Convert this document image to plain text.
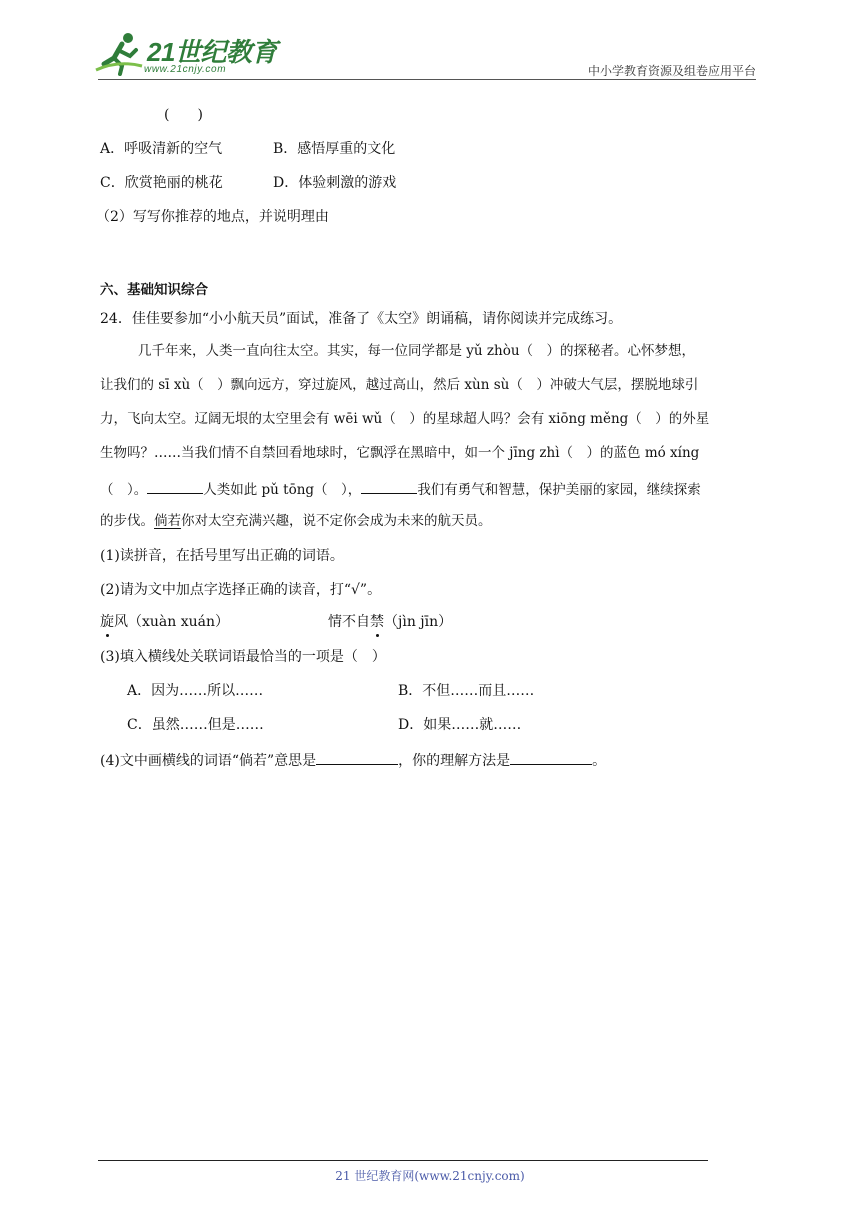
21世纪教育
www.21cnjy.com	中小学教育资源及组卷应用平台
(　　)
A．呼吸清新的空气	B．感悟厚重的文化
C．欣赏艳丽的桃花	D．体验刺激的游戏
（2）写写你推荐的地点，并说明理由
六、基础知识综合
24．佳佳要参加“小小航天员”面试，准备了《太空》朗诵稿，请你阅读并完成练习。
几千年来，人类一直向往太空。其实，每一位同学都是 yǔ zhòu（　）的探秘者。心怀梦想，
让我们的 sī xù（　）飘向远方，穿过旋风，越过高山，然后 xùn sù（　）冲破大气层，摆脱地球引
力，飞向太空。辽阔无垠的太空里会有 wēi wǔ（　）的星球超人吗？会有 xiōng měng（　）的外星
生物吗？……当我们情不自禁回看地球时，它飘浮在黑暗中，如一个 jīng zhì（　）的蓝色 mó xíng
（　）。	人类如此 pǔ tōng（　），	我们有勇气和智慧，保护美丽的家园，继续探索
的步伐。倘若你对太空充满兴趣，说不定你会成为未来的航天员。
(1)读拼音，在括号里写出正确的词语。
(2)请为文中加点字选择正确的读音，打“√”。
旋风（xuàn xuán）	情不自禁（jìn jīn）
(3)填入横线处关联词语最恰当的一项是（　）
A．因为……所以……	B．不但……而且……
C．虽然……但是……	D．如果……就……
(4)文中画横线的词语“倘若”意思是	，你的理解方法是	。
21 世纪教育网(www.21cnjy.com)
